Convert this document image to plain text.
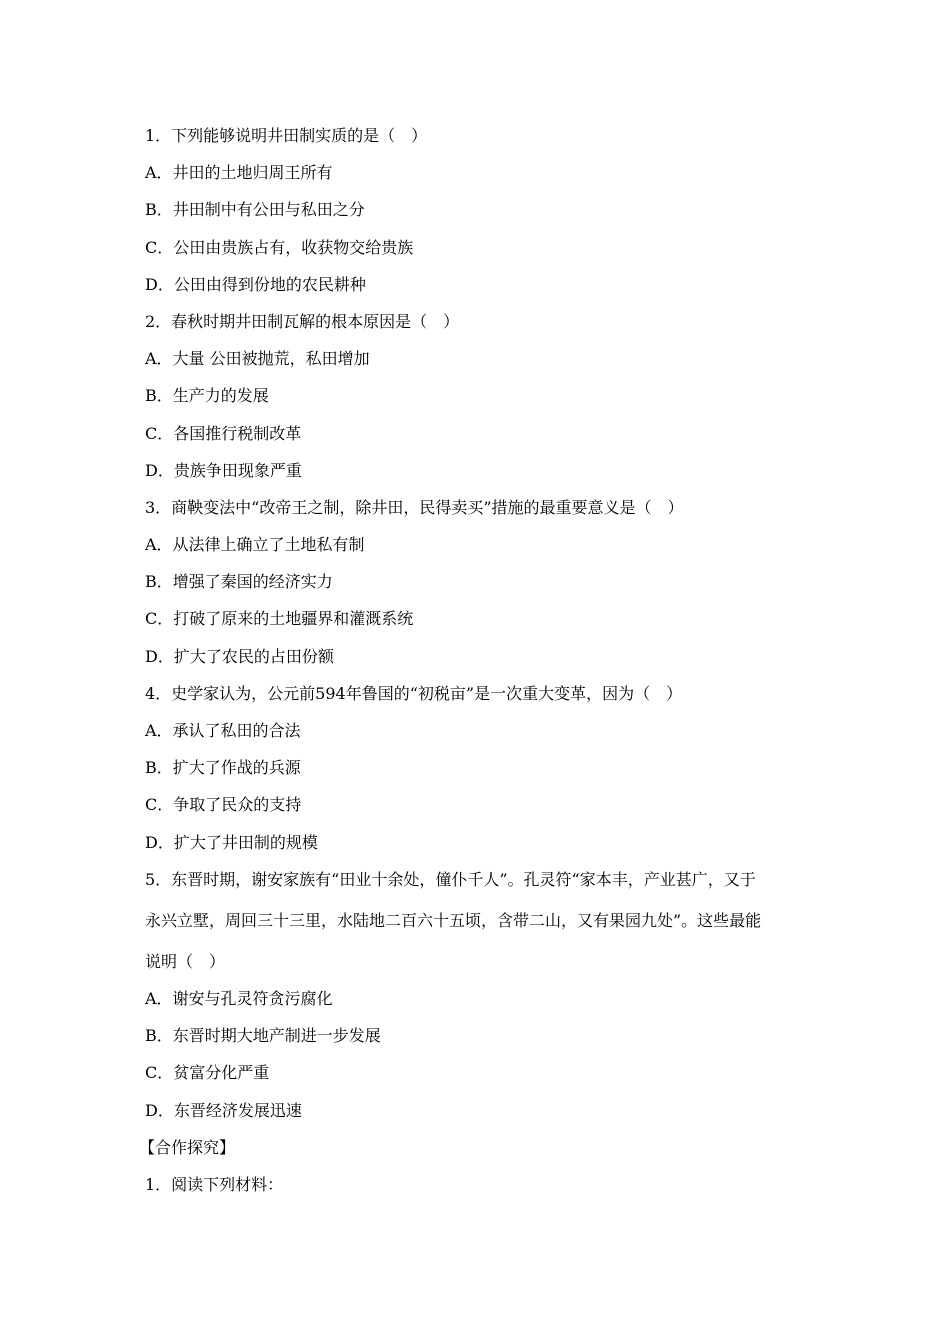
1．下列能够说明井田制实质的是（　）
A．井田的土地归周王所有
B．井田制中有公田与私田之分
C．公田由贵族占有，收获物交给贵族
D．公田由得到份地的农民耕种
2．春秋时期井田制瓦解的根本原因是（　）
A．大量 公田被抛荒，私田增加
B．生产力的发展
C．各国推行税制改革
D．贵族争田现象严重
3．商鞅变法中“改帝王之制，除井田，民得卖买”措施的最重要意义是（　）
A．从法律上确立了土地私有制
B．增强了秦国的经济实力
C．打破了原来的土地疆界和灌溉系统
D．扩大了农民的占田份额
4．史学家认为，公元前594年鲁国的“初税亩”是一次重大变革，因为（　）
A．承认了私田的合法
B．扩大了作战的兵源
C．争取了民众的支持
D．扩大了井田制的规模
5．东晋时期，谢安家族有“田业十余处，僮仆千人”。孔灵符“家本丰，产业甚广，又于
永兴立墅，周回三十三里，水陆地二百六十五顷，含带二山，又有果园九处”。这些最能
说明（　）
A．谢安与孔灵符贪污腐化
B．东晋时期大地产制进一步发展
C．贫富分化严重
D．东晋经济发展迅速
【合作探究】
1．阅读下列材料：
